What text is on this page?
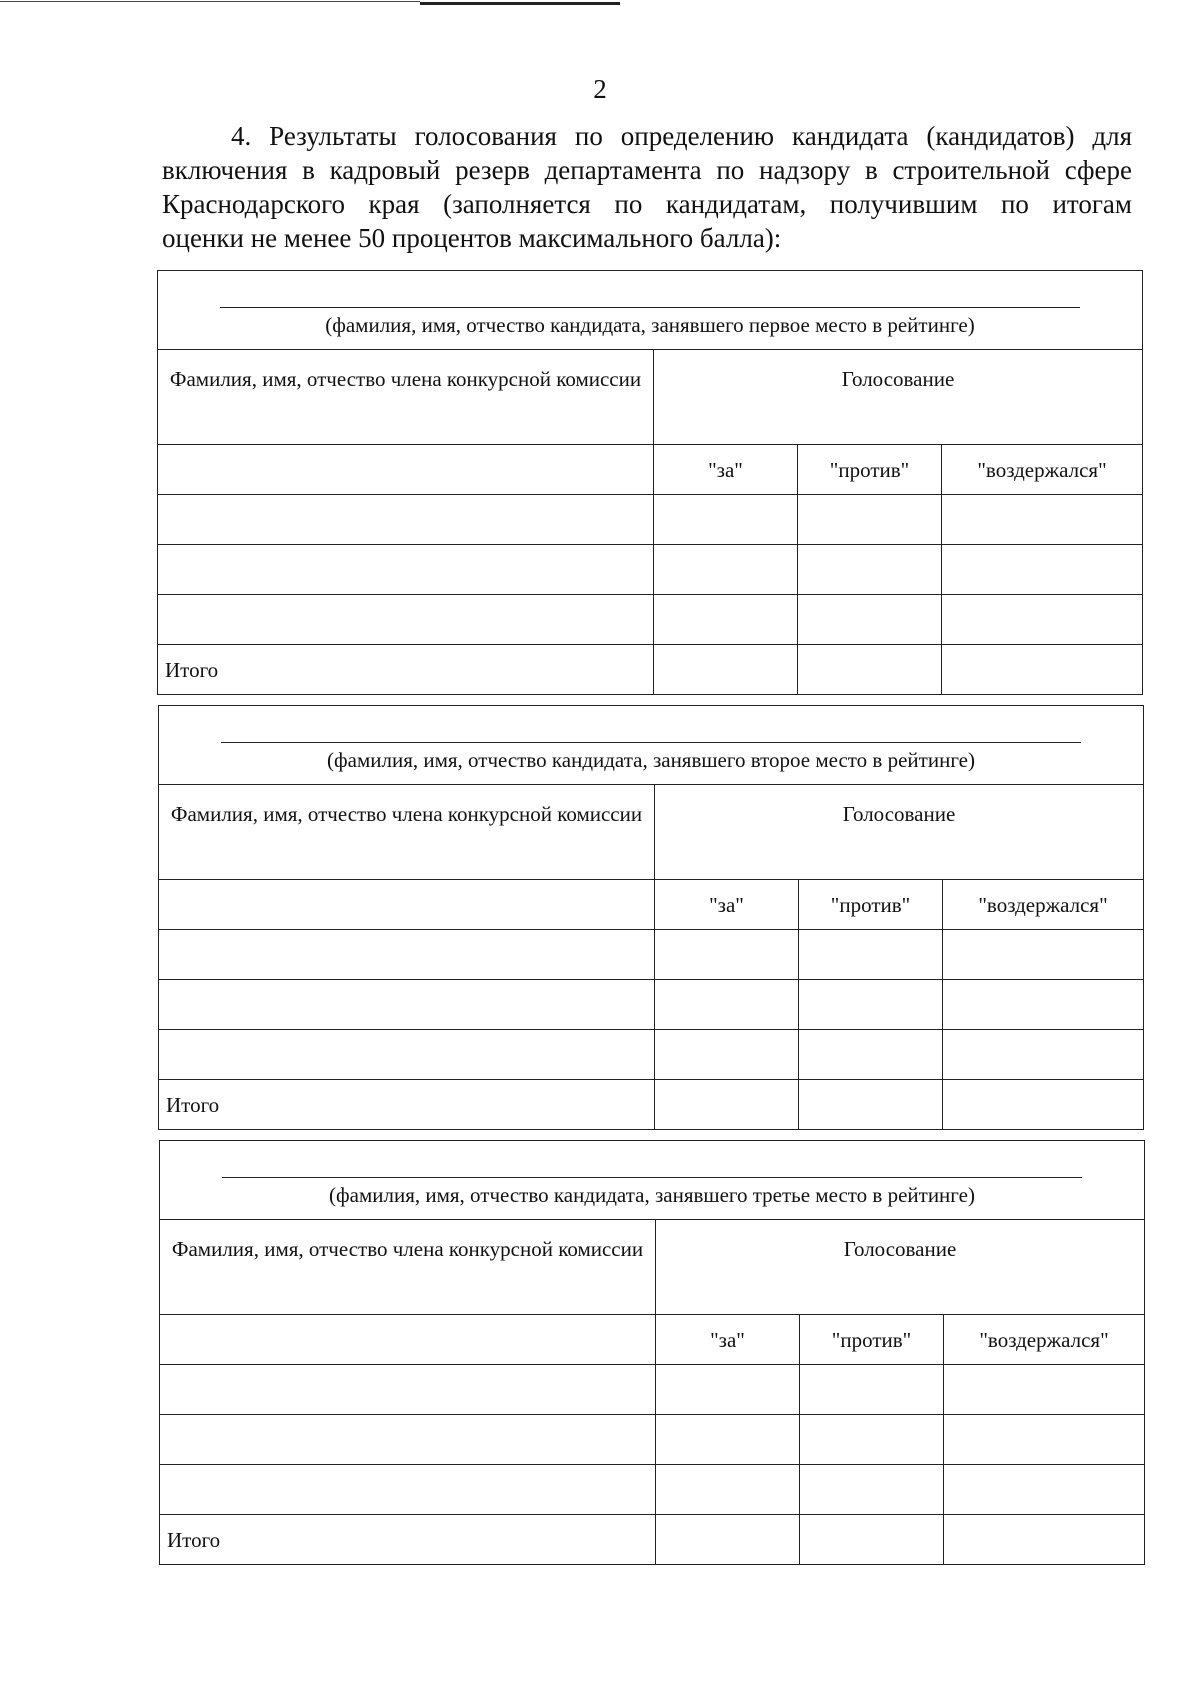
2

4. Результаты голосования по определению кандидата (кандидатов) для
включения в кадровый резерв департамента по надзору в строительной сфере
Краснодарского края (заполняется по кандидатам, получившим по итогам
оценки не менее 50 процентов максимального балла):

(фамилия, имя, отчество кандидата, занявшего первое место в рейтинге)			

Фамилия, имя, отчество члена конкурсной комиссии	Голосование		
	"за"	"против"	"воздержался"

Итого			
(фамилия, имя, отчество кандидата, занявшего второе место в рейтинге)			

Фамилия, имя, отчество члена конкурсной комиссии	Голосование		
	"за"	"против"	"воздержался"

Итого			
(фамилия, имя, отчество кандидата, занявшего третье место в рейтинге)			

Фамилия, имя, отчество члена конкурсной комиссии	Голосование		
	"за"	"против"	"воздержался"

Итого			
